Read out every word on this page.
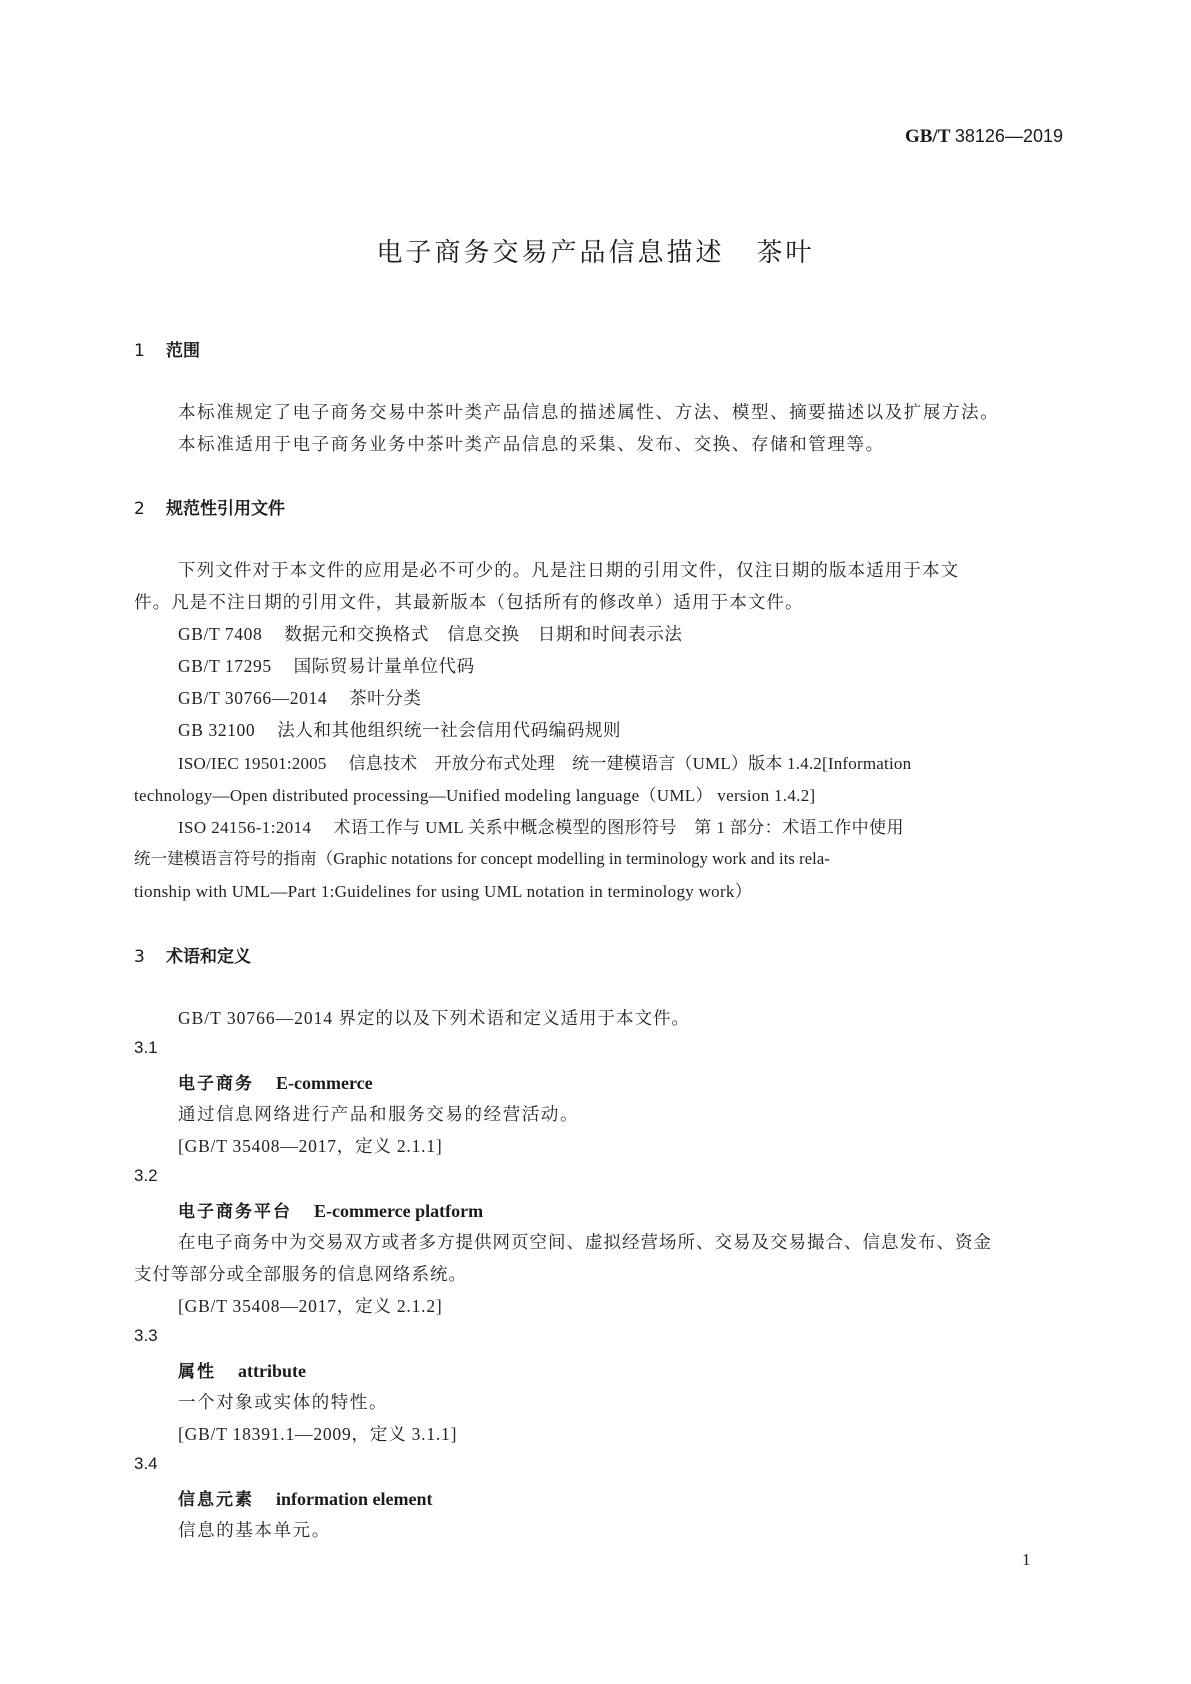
GB/T 38126—2019
电子商务交易产品信息描述 茶叶
1 范围
本标准规定了电子商务交易中茶叶类产品信息的描述属性、方法、模型、摘要描述以及扩展方法。
本标准适用于电子商务业务中茶叶类产品信息的采集、发布、交换、存储和管理等。
2 规范性引用文件
下列文件对于本文件的应用是必不可少的。凡是注日期的引用文件，仅注日期的版本适用于本文
件。凡是不注日期的引用文件，其最新版本（包括所有的修改单）适用于本文件。
GB/T 7408 数据元和交换格式　信息交换　日期和时间表示法
GB/T 17295 国际贸易计量单位代码
GB/T 30766—2014 茶叶分类
GB 32100 法人和其他组织统一社会信用代码编码规则
ISO/IEC 19501:2005 信息技术　开放分布式处理　统一建模语言（UML）版本 1.4.2[Information
technology—Open distributed processing—Unified modeling language（UML） version 1.4.2]
ISO 24156-1:2014 术语工作与 UML 关系中概念模型的图形符号　第 1 部分：术语工作中使用
统一建模语言符号的指南（Graphic notations for concept modelling in terminology work and its rela-
tionship with UML—Part 1:Guidelines for using UML notation in terminology work）
3 术语和定义
GB/T 30766—2014 界定的以及下列术语和定义适用于本文件。
3.1
电子商务 E-commerce
通过信息网络进行产品和服务交易的经营活动。
[GB/T 35408—2017，定义 2.1.1]
3.2
电子商务平台 E-commerce platform
在电子商务中为交易双方或者多方提供网页空间、虚拟经营场所、交易及交易撮合、信息发布、资金
支付等部分或全部服务的信息网络系统。
[GB/T 35408—2017，定义 2.1.2]
3.3
属性 attribute
一个对象或实体的特性。
[GB/T 18391.1—2009，定义 3.1.1]
3.4
信息元素 information element
信息的基本单元。
1
